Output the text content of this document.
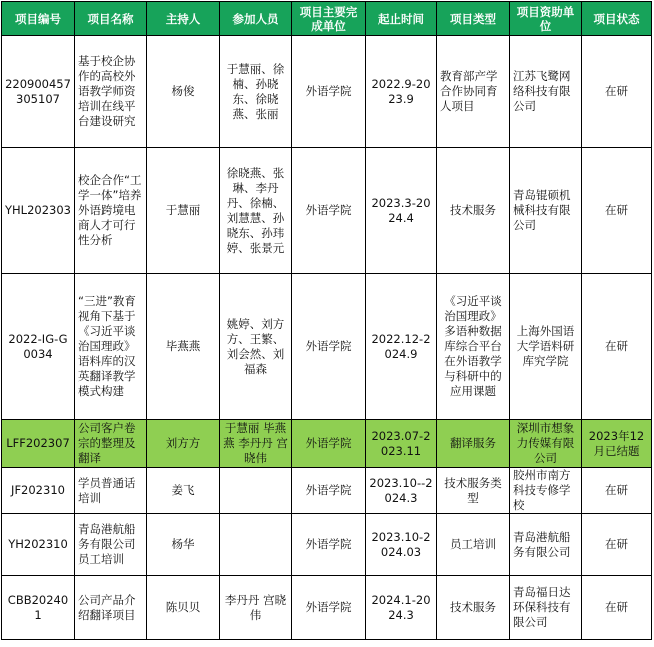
项目编号	项目名称	主持人	参加人员	项目主要完成单位	起止时间	项目类型	项目资助单位	项目状态
220900457305107	基于校企协作的高校外语教学师资培训在线平台建设研究	杨俊	于慧丽、徐楠、孙晓东、徐晓燕、张丽	外语学院	2022.9-2023.9	教育部产学合作协同育人项目	江苏飞鹭网络科技有限公司	在研
YHL202303	校企合作“工学一体”培养外语跨境电商人才可行性分析	于慧丽	徐晓燕、张琳、李丹丹、徐楠、刘慧慧、孙晓东、孙玮婷、张景元	外语学院	2023.3-2024.4	技术服务	青岛锟硕机械科技有限公司	在研
2022-IG-G0034	“三进”教育视角下基于《习近平谈治国理政》语料库的汉英翻译教学模式构建	毕燕燕	姚婷、刘方方、王繁、刘会然、刘福森	外语学院	2022.12-2024.9	《习近平谈治国理政》多语种数据库综合平台在外语教学与科研中的应用课题	上海外国语大学语料研库究学院	在研
LFF202307	公司客户卷宗的整理及翻译	刘方方	于慧丽 毕燕燕 李丹丹 宫晓伟	外语学院	2023.07-2023.11	翻译服务	深圳市想象力传媒有限公司	2023年12月已结题
JF202310	学员普通话培训	姜飞		外语学院	2023.10--2024.3	技术服务类型	胶州市南方科技专修学校	在研
YH202310	青岛港航船务有限公司员工培训	杨华		外语学院	2023.10-2024.03	员工培训	青岛港航船务有限公司	在研
CBB202401	公司产品介绍翻译项目	陈贝贝	李丹丹 宫晓伟	外语学院	2024.1-2024.3	技术服务	青岛福日达环保科技有限公司	在研
